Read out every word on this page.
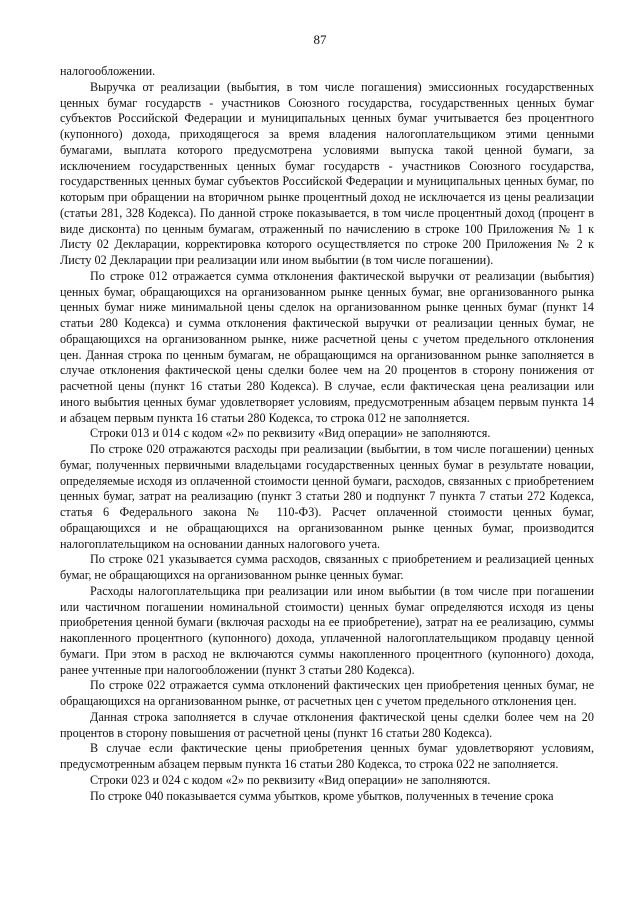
87

налогообложении.

Выручка от реализации (выбытия, в том числе погашения) эмиссионных государственных ценных бумаг государств - участников Союзного государства, государственных ценных бумаг субъектов Российской Федерации и муниципальных ценных бумаг учитывается без процентного (купонного) дохода, приходящегося за время владения налогоплательщиком этими ценными бумагами, выплата которого предусмотрена условиями выпуска такой ценной бумаги, за исключением государственных ценных бумаг государств - участников Союзного государства, государственных ценных бумаг субъектов Российской Федерации и муниципальных ценных бумаг, по которым при обращении на вторичном рынке процентный доход не исключается из цены реализации (статьи 281, 328 Кодекса). По данной строке показывается, в том числе процентный доход (процент в виде дисконта) по ценным бумагам, отраженный по начислению в строке 100 Приложения № 1 к Листу 02 Декларации, корректировка которого осуществляется по строке 200 Приложения № 2 к Листу 02 Декларации при реализации или ином выбытии (в том числе погашении).

По строке 012 отражается сумма отклонения фактической выручки от реализации (выбытия) ценных бумаг, обращающихся на организованном рынке ценных бумаг, вне организованного рынка ценных бумаг ниже минимальной цены сделок на организованном рынке ценных бумаг (пункт 14 статьи 280 Кодекса) и сумма отклонения фактической выручки от реализации ценных бумаг, не обращающихся на организованном рынке, ниже расчетной цены с учетом предельного отклонения цен. Данная строка по ценным бумагам, не обращающимся на организованном рынке заполняется в случае отклонения фактической цены сделки более чем на 20 процентов в сторону понижения от расчетной цены (пункт 16 статьи 280 Кодекса). В случае, если фактическая цена реализации или иного выбытия ценных бумаг удовлетворяет условиям, предусмотренным абзацем первым пункта 14 и абзацем первым пункта 16 статьи 280 Кодекса, то строка 012 не заполняется.

Строки 013 и 014 с кодом «2» по реквизиту «Вид операции» не заполняются.

По строке 020 отражаются расходы при реализации (выбытии, в том числе погашении) ценных бумаг, полученных первичными владельцами государственных ценных бумаг в результате новации, определяемые исходя из оплаченной стоимости ценной бумаги, расходов, связанных с приобретением ценных бумаг, затрат на реализацию (пункт 3 статьи 280 и подпункт 7 пункта 7 статьи 272 Кодекса, статья 6 Федерального закона № 110-ФЗ). Расчет оплаченной стоимости ценных бумаг, обращающихся и не обращающихся на организованном рынке ценных бумаг, производится налогоплательщиком на основании данных налогового учета.

По строке 021 указывается сумма расходов, связанных с приобретением и реализацией ценных бумаг, не обращающихся на организованном рынке ценных бумаг.

Расходы налогоплательщика при реализации или ином выбытии (в том числе при погашении или частичном погашении номинальной стоимости) ценных бумаг определяются исходя из цены приобретения ценной бумаги (включая расходы на ее приобретение), затрат на ее реализацию, суммы накопленного процентного (купонного) дохода, уплаченной налогоплательщиком продавцу ценной бумаги. При этом в расход не включаются суммы накопленного процентного (купонного) дохода, ранее учтенные при налогообложении (пункт 3 статьи 280 Кодекса).

По строке 022 отражается сумма отклонений фактических цен приобретения ценных бумаг, не обращающихся на организованном рынке, от расчетных цен с учетом предельного отклонения цен.

Данная строка заполняется в случае отклонения фактической цены сделки более чем на 20 процентов в сторону повышения от расчетной цены (пункт 16 статьи 280 Кодекса).

В случае если фактические цены приобретения ценных бумаг удовлетворяют условиям, предусмотренным абзацем первым пункта 16 статьи 280 Кодекса, то строка 022 не заполняется.

Строки 023 и 024 с кодом «2» по реквизиту «Вид операции» не заполняются.

По строке 040 показывается сумма убытков, кроме убытков, полученных в течение срока
